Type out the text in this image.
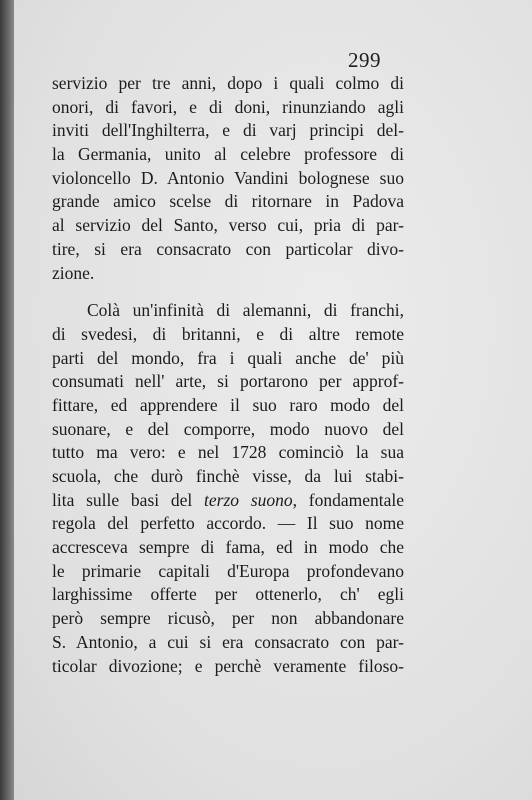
299
servizio per tre anni, dopo i quali colmo di
onori, di favori, e di doni, rinunziando agli
inviti dell'Inghilterra, e di varj principi del-
la Germania, unito al celebre professore di
violoncello D. Antonio Vandini bolognese suo
grande amico scelse di ritornare in Padova
al servizio del Santo, verso cui, pria di par-
tire, si era consacrato con particolar divo-
zione.
Colà un'infinità di alemanni, di franchi,
di svedesi, di britanni, e di altre remote
parti del mondo, fra i quali anche de' più
consumati nell' arte, si portarono per approf-
fittare, ed apprendere il suo raro modo del
suonare, e del comporre, modo nuovo del
tutto ma vero: e nel 1728 cominciò la sua
scuola, che durò finchè visse, da lui stabi-
lita sulle basi del terzo suono, fondamentale
regola del perfetto accordo. — Il suo nome
accresceva sempre di fama, ed in modo che
le primarie capitali d'Europa profondevano
larghissime offerte per ottenerlo, ch' egli
però sempre ricusò, per non abbandonare
S. Antonio, a cui si era consacrato con par-
ticolar divozione; e perchè veramente filoso-
